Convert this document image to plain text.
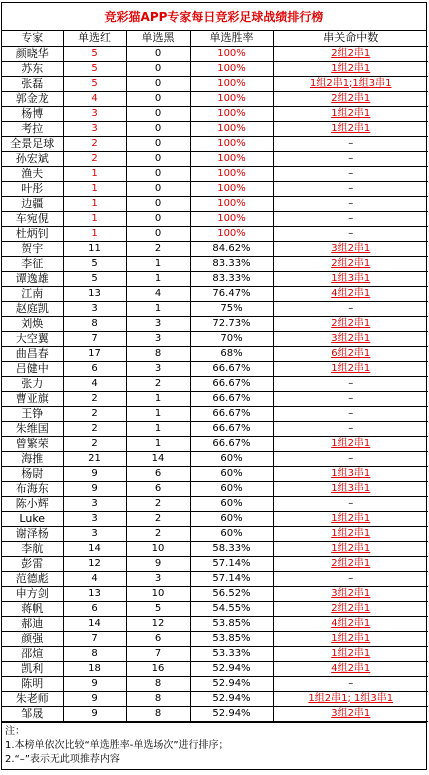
竞彩猫APP专家每日竞彩足球战绩排行榜
专家	单选红	单选黑	单选胜率	串关命中数
颜晓华	5	0	100%	2组2串1
苏东	5	0	100%	1组2串1
张磊	5	0	100%	1组2串1;1组3串1
郭金龙	4	0	100%	2组2串1
杨博	3	0	100%	1组2串1
考拉	3	0	100%	1组2串1
全景足球	2	0	100%	–
孙宏斌	2	0	100%	–
渔夫	1	0	100%	–
叶彤	1	0	100%	–
边疆	1	0	100%	–
车宛俔	1	0	100%	–
杜炳钊	1	0	100%	–
贺宇	11	2	84.62%	3组2串1
李征	5	1	83.33%	2组2串1
谭逸雄	5	1	83.33%	1组3串1
江南	13	4	76.47%	4组2串1
赵庭凯	3	1	75%	–
刘焕	8	3	72.73%	2组2串1
大空翼	7	3	70%	3组2串1
曲昌春	17	8	68%	6组2串1
吕健中	6	3	66.67%	1组2串1
张力	4	2	66.67%	–
曹亚旗	2	1	66.67%	–
王铮	2	1	66.67%	–
朱维国	2	1	66.67%	–
曾繁荣	2	1	66.67%	1组2串1
海推	21	14	60%	–
杨尉	9	6	60%	1组3串1
布海东	9	6	60%	1组3串1
陈小辉	3	2	60%	–
Luke	3	2	60%	1组2串1
谢泽杨	3	2	60%	1组2串1
李航	14	10	58.33%	1组2串1
彭雷	12	9	57.14%	2组2串1
范德彪	4	3	57.14%	–
申方剑	13	10	56.52%	3组2串1
蒋帆	6	5	54.55%	2组2串1
郝迪	14	12	53.85%	4组2串1
颜强	7	6	53.85%	1组2串1
邵煊	8	7	53.33%	1组2串1
凯利	18	16	52.94%	4组2串1
陈明	9	8	52.94%	–
朱老师	9	8	52.94%	1组2串1; 1组3串1
邹晟	9	8	52.94%	3组2串1
注：
1.本榜单依次比较“单选胜率-单选场次”进行排序；
2.“–”表示无此项推荐内容
